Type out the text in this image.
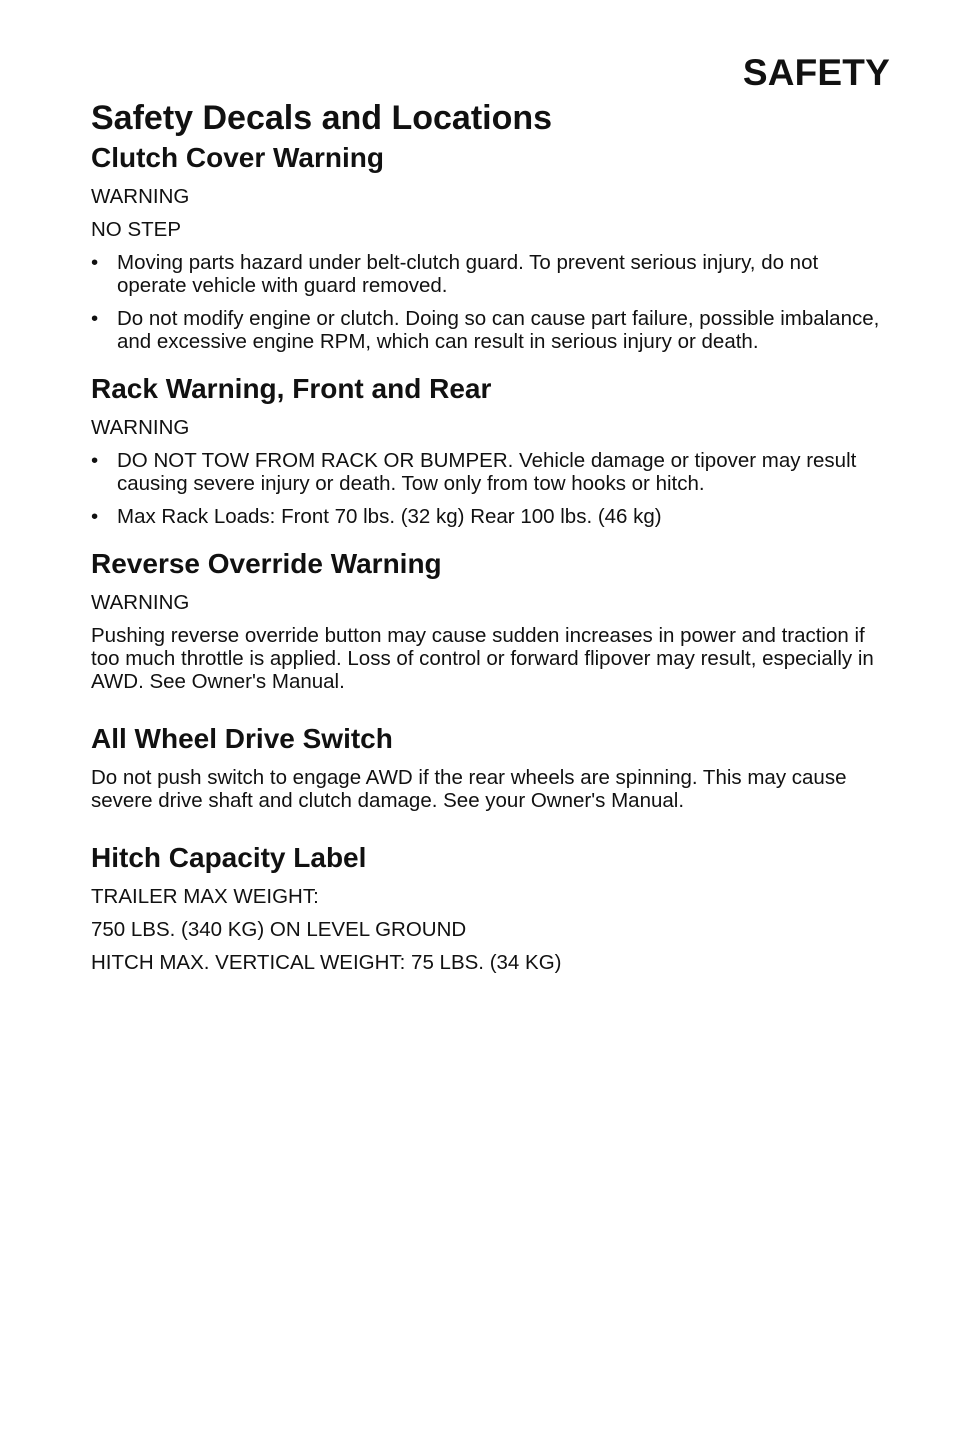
SAFETY
Safety Decals and Locations
Clutch Cover Warning

WARNING

NO STEP

• Moving parts hazard under belt-clutch guard. To prevent serious injury, do not operate vehicle with guard removed.
• Do not modify engine or clutch. Doing so can cause part failure, possible imbalance, and excessive engine RPM, which can result in serious injury or death.
Rack Warning, Front and Rear

WARNING

• DO NOT TOW FROM RACK OR BUMPER. Vehicle damage or tipover may result causing severe injury or death. Tow only from tow hooks or hitch.
• Max Rack Loads: Front 70 lbs. (32 kg) Rear 100 lbs. (46 kg)
Reverse Override Warning

WARNING

Pushing reverse override button may cause sudden increases in power and traction if too much throttle is applied. Loss of control or forward flipover may result, especially in AWD. See Owner's Manual.

All Wheel Drive Switch

Do not push switch to engage AWD if the rear wheels are spinning. This may cause severe drive shaft and clutch damage. See your Owner's Manual.

Hitch Capacity Label

TRAILER MAX WEIGHT:

750 LBS. (340 KG) ON LEVEL GROUND

HITCH MAX. VERTICAL WEIGHT: 75 LBS. (34 KG)
